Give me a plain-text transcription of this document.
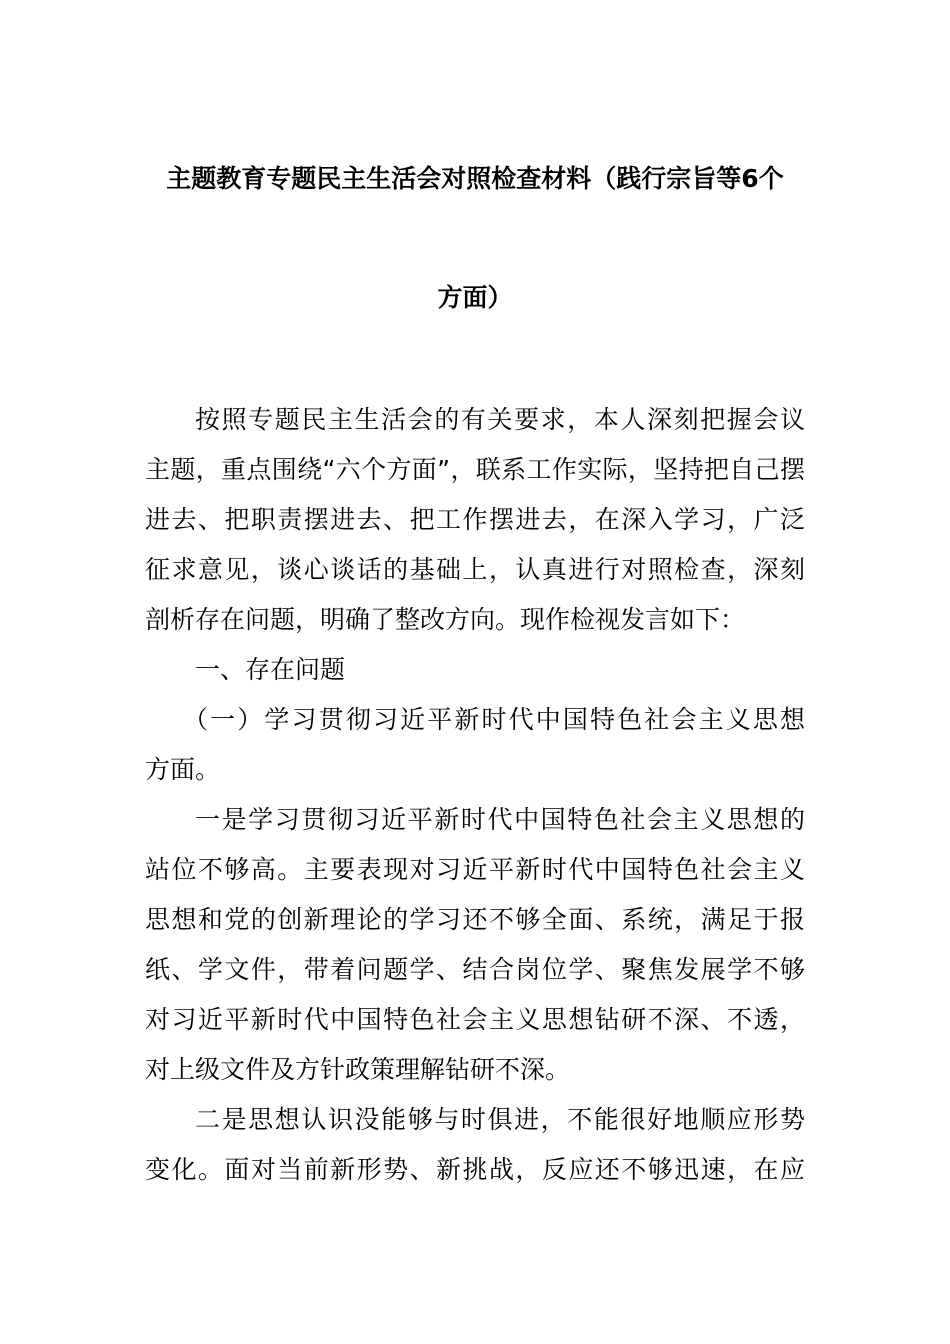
主题教育专题民主生活会对照检查材料（践行宗旨等6个
方面）
按照专题民主生活会的有关要求，本人深刻把握会议
主题，重点围绕“六个方面”，联系工作实际，坚持把自己摆
进去、把职责摆进去、把工作摆进去，在深入学习，广泛
征求意见，谈心谈话的基础上，认真进行对照检查，深刻
剖析存在问题，明确了整改方向。现作检视发言如下：
一、存在问题
（一）学习贯彻习近平新时代中国特色社会主义思想
方面。
一是学习贯彻习近平新时代中国特色社会主义思想的
站位不够高。主要表现对习近平新时代中国特色社会主义
思想和党的创新理论的学习还不够全面、系统，满足于报
纸、学文件，带着问题学、结合岗位学、聚焦发展学不够
对习近平新时代中国特色社会主义思想钻研不深、不透，
对上级文件及方针政策理解钻研不深。
二是思想认识没能够与时俱进，不能很好地顺应形势
变化。面对当前新形势、新挑战，反应还不够迅速，在应
